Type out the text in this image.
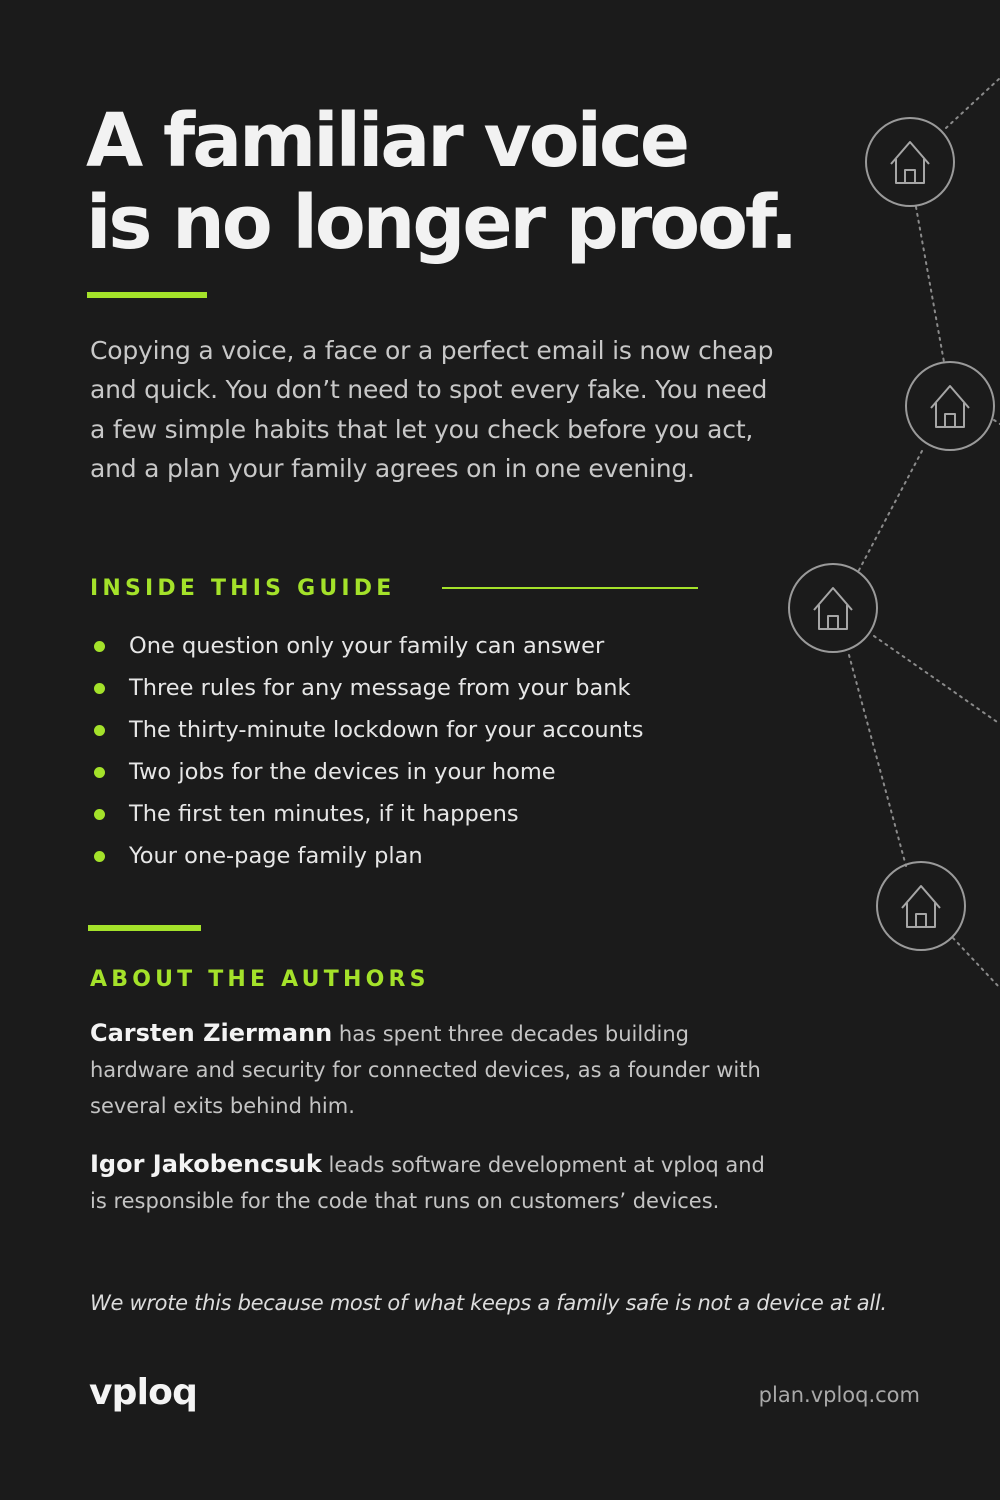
A familiar voice
is no longer proof.

Copying a voice, a face or a perfect email is now cheap and quick. You don’t need to spot every fake. You need a few simple habits that let you check before you act, and a plan your family agrees on in one evening.

INSIDE THIS GUIDE
One question only your family can answer
Three rules for any message from your bank
The thirty-minute lockdown for your accounts
Two jobs for the devices in your home
The first ten minutes, if it happens
Your one-page family plan
ABOUT THE AUTHORS

Carsten Ziermann has spent three decades building hardware and security for connected devices, as a founder with several exits behind him.

Igor Jakobencsuk leads software development at vploq and is responsible for the code that runs on customers’ devices.

We wrote this because most of what keeps a family safe is not a device at all.

vploq	plan.vploq.com
